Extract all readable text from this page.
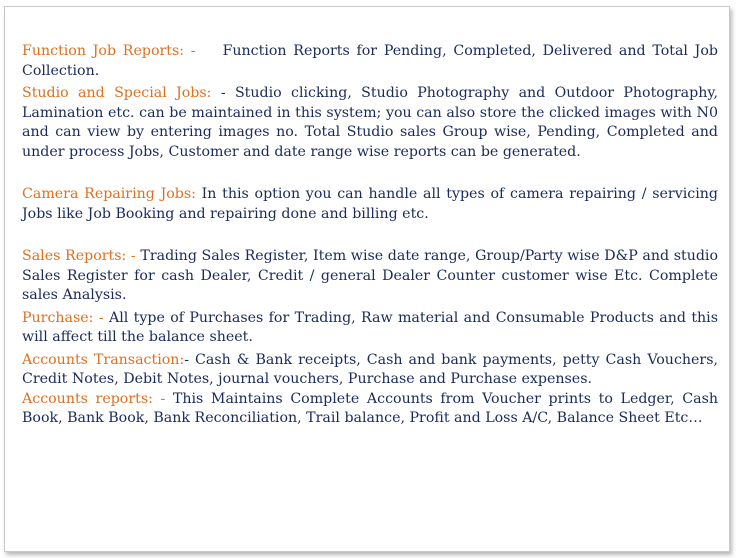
Function Job Reports: - Function Reports for Pending, Completed, Delivered and Total Job Collection.

Studio and Special Jobs: - Studio clicking, Studio Photography and Outdoor Photography, Lamination etc. can be maintained in this system; you can also store the clicked images with N0 and can view by entering images no. Total Studio sales Group wise, Pending, Completed and under process Jobs, Customer and date range wise reports can be generated.

Camera Repairing Jobs: In this option you can handle all types of camera repairing / servicing Jobs like Job Booking and repairing done and billing etc.

Sales Reports: - Trading Sales Register, Item wise date range, Group/Party wise D&P and studio Sales Register for cash Dealer, Credit / general Dealer Counter customer wise Etc. Complete sales Analysis.

Purchase: - All type of Purchases for Trading, Raw material and Consumable Products and this will affect till the balance sheet.

Accounts Transaction:- Cash & Bank receipts, Cash and bank payments, petty Cash Vouchers, Credit Notes, Debit Notes, journal vouchers, Purchase and Purchase expenses.

Accounts reports: - This Maintains Complete Accounts from Voucher prints to Ledger, Cash Book, Bank Book, Bank Reconciliation, Trail balance, Profit and Loss A/C, Balance Sheet Etc…
